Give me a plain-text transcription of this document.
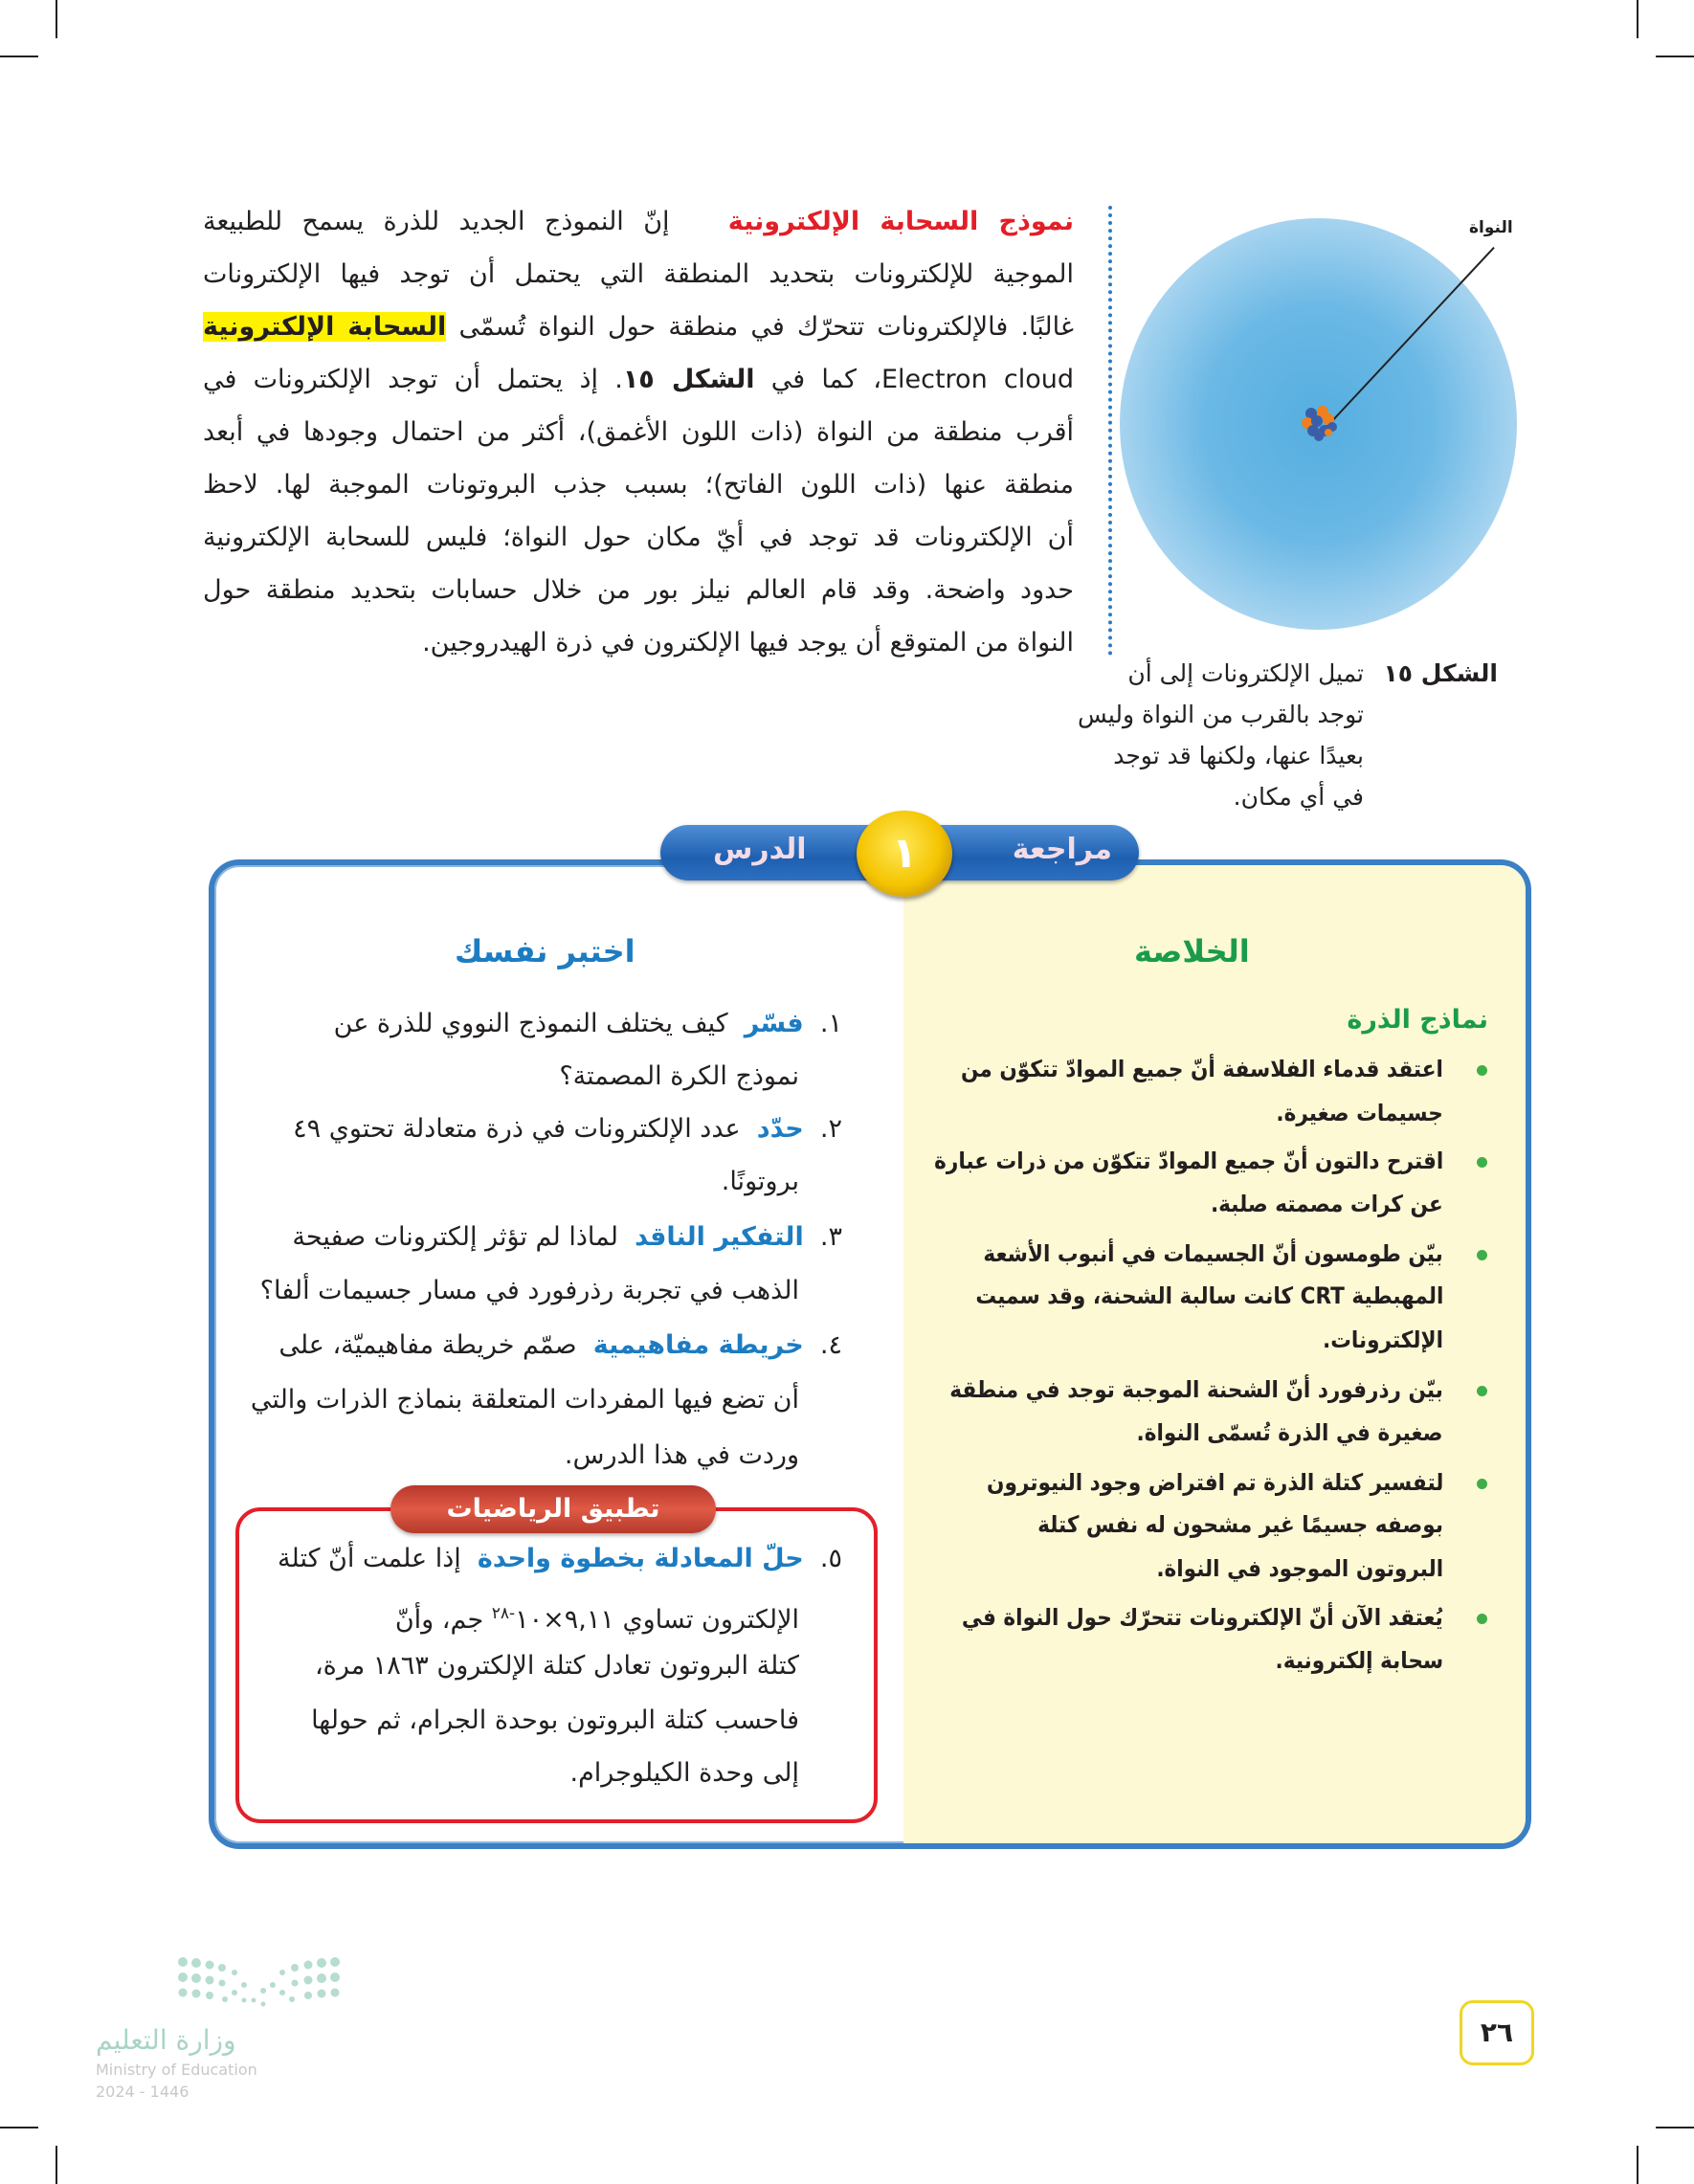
نموذج السحابة الإلكترونية   إنّ النموذج الجديد للذرة يسمح للطبيعة
الموجية للإلكترونات بتحديد المنطقة التي يحتمل أن توجد فيها الإلكترونات
غالبًا. فالإلكترونات تتحرّك في منطقة حول النواة تُسمّى السحابة الإلكترونية
Electron cloud، كما في الشكل ١٥. إذ يحتمل أن توجد الإلكترونات في
أقرب منطقة من النواة (ذات اللون الأغمق)، أكثر من احتمال وجودها في أبعد
منطقة عنها (ذات اللون الفاتح)؛ بسبب جذب البروتونات الموجبة لها. لاحظ
أن الإلكترونات قد توجد في أيّ مكان حول النواة؛ فليس للسحابة الإلكترونية
حدود واضحة. وقد قام العالم نيلز بور من خلال حسابات بتحديد منطقة حول
النواة من المتوقع أن يوجد فيها الإلكترون في ذرة الهيدروجين.
النواة
الشكل ١٥
تميل الإلكترونات إلى أن
توجد بالقرب من النواة وليس
بعيدًا عنها، ولكنها قد توجد
في أي مكان.
مراجعة
الدرس	١
الخلاصة
نماذج الذرة
اعتقد قدماء الفلاسفة أنّ جميع الموادّ تتكوّن من
جسيمات صغيرة.
اقترح دالتون أنّ جميع الموادّ تتكوّن من ذرات عبارة
عن كرات مصمته صلبة.
بيّن طومسون أنّ الجسيمات في أنبوب الأشعة
المهبطية CRT كانت سالبة الشحنة، وقد سميت
الإلكترونات.
بيّن رذرفورد أنّ الشحنة الموجبة توجد في منطقة
صغيرة في الذرة تُسمّى النواة.
لتفسير كتلة الذرة تم افتراض وجود النيوترون
بوصفه جسيمًا غير مشحون له نفس كتلة
البروتون الموجود في النواة.
يُعتقد الآن أنّ الإلكترونات تتحرّك حول النواة في
سحابة إلكترونية.
اختبر نفسك
١.  فسّر  كيف يختلف النموذج النووي للذرة عن
نموذج الكرة المصمتة؟
٢.  حدّد  عدد الإلكترونات في ذرة متعادلة تحتوي ٤٩
بروتونًا.
٣.  التفكير الناقد  لماذا لم تؤثر إلكترونات صفيحة
الذهب في تجربة رذرفورد في مسار جسيمات ألفا؟
٤.  خريطة مفاهيمية  صمّم خريطة مفاهيميّة، على
أن تضع فيها المفردات المتعلقة بنماذج الذرات والتي
وردت في هذا الدرس.
تطبيق الرياضيات
٥.  حلّ المعادلة بخطوة واحدة  إذا علمت أنّ كتلة
الإلكترون تساوي $٩,١١\times ١٠^{-٢٨}$ جم، وأنّ
كتلة البروتون تعادل كتلة الإلكترون ١٨٦٣ مرة،
فاحسب كتلة البروتون بوحدة الجرام، ثم حولها
إلى وحدة الكيلوجرام.
٢٦
وزارة التعليم
Ministry of Education
2024 - 1446
